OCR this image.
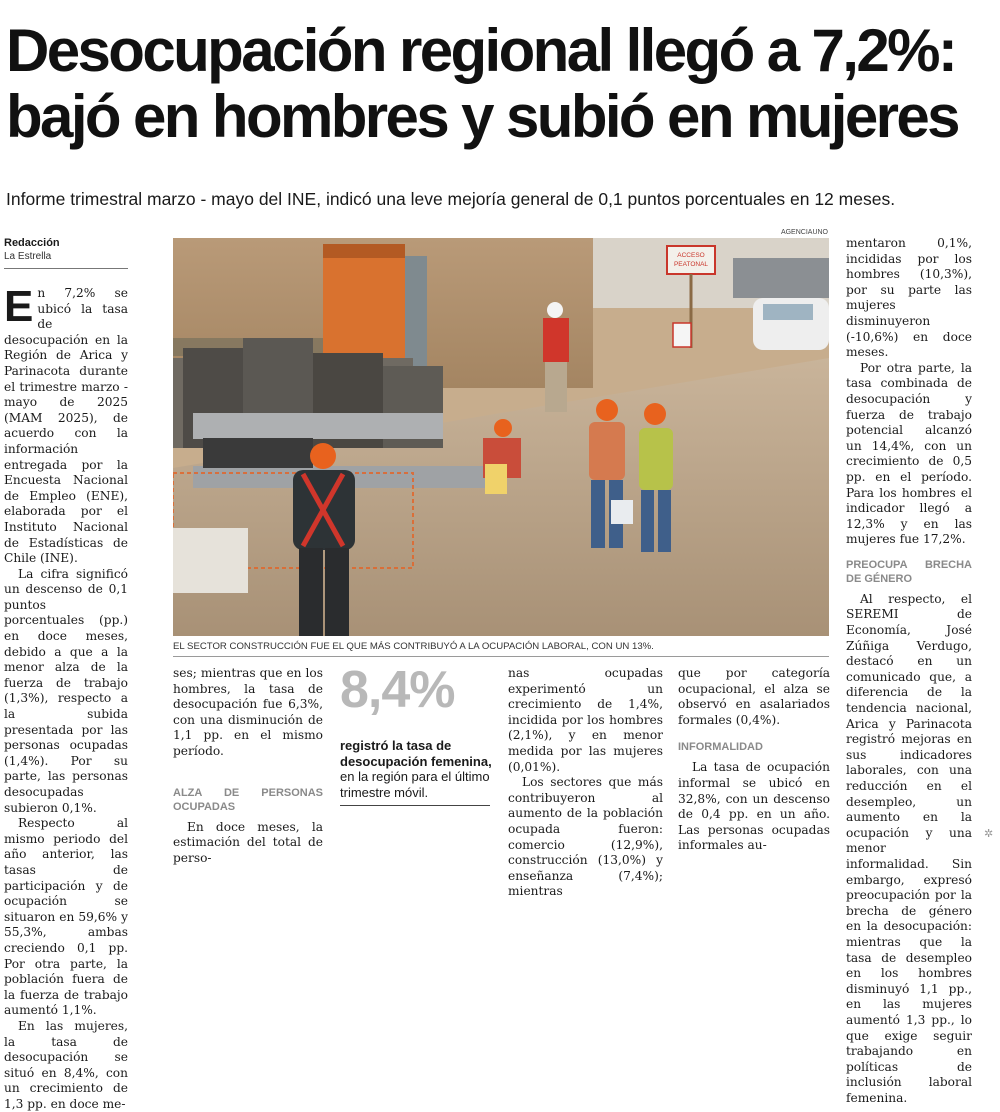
Desocupación regional llegó a 7,2%:
bajó en hombres y subió en mujeres

Informe trimestral marzo - mayo del INE, indicó una leve mejoría general de 0,1 puntos porcentuales en 12 meses.

Redacción
La Estrella

En 7,2% se ubicó la tasa de desocupación en la Región de Arica y Parinacota durante el trimestre marzo - mayo de 2025 (MAM 2025), de acuerdo con la información entregada por la Encuesta Nacional de Empleo (ENE), elaborada por el Instituto Nacional de Estadísticas de Chile (INE).

La cifra significó un descenso de 0,1 puntos porcentuales (pp.) en doce meses, debido a que a la menor alza de la fuerza de trabajo (1,3%), respecto a la subida presentada por las personas ocupadas (1,4%). Por su parte, las personas desocupadas subieron 0,1%.

Respecto al mismo periodo del año anterior, las tasas de participación y de ocupación se situaron en 59,6% y 55,3%, ambas creciendo 0,1 pp. Por otra parte, la población fuera de la fuerza de trabajo aumentó 1,1%.

En las mujeres, la tasa de desocupación se situó en 8,4%, con un crecimiento de 1,3 pp. en doce me-

AGENCIAUNO
ACCESO
PEATONAL
EL SECTOR CONSTRUCCIÓN FUE EL QUE MÁS CONTRIBUYÓ A LA OCUPACIÓN LABORAL, CON UN 13%.

ses; mientras que en los hombres, la tasa de desocupación fue 6,3%, con una disminución de 1,1 pp. en el mismo período.

ALZA DE PERSONAS OCUPADAS

En doce meses, la estimación del total de perso-

8,4%
registró la tasa de desocupación femenina, en la región para el último trimestre móvil.

nas ocupadas experimentó un crecimiento de 1,4%, incidida por los hombres (2,1%), y en menor medida por las mujeres (0,01%).

Los sectores que más contribuyeron al aumento de la población ocupada fueron: comercio (12,9%), construcción (13,0%) y enseñanza (7,4%); mientras

que por categoría ocupacional, el alza se observó en asalariados formales (0,4%).

INFORMALIDAD

La tasa de ocupación informal se ubicó en 32,8%, con un descenso de 0,4 pp. en un año. Las personas ocupadas informales au-

mentaron 0,1%, incididas por los hombres (10,3%), por su parte las mujeres disminuyeron (-10,6%) en doce meses.

Por otra parte, la tasa combinada de desocupación y fuerza de trabajo potencial alcanzó un 14,4%, con un crecimiento de 0,5 pp. en el período. Para los hombres el indicador llegó a 12,3% y en las mujeres fue 17,2%.

PREOCUPA BRECHA DE GÉNERO

Al respecto, el SEREMI de Economía, José Zúñiga Verdugo, destacó en un comunicado que, a diferencia de la tendencia nacional, Arica y Parinacota registró mejoras en sus indicadores laborales, con una reducción en el desempleo, un aumento en la ocupación y una menor informalidad. Sin embargo, expresó preocupación por la brecha de género en la desocupación: mientras que la tasa de desempleo en los hombres disminuyó 1,1 pp., en las mujeres aumentó 1,3 pp., lo que exige seguir trabajando en políticas de inclusión laboral femenina.

✲
